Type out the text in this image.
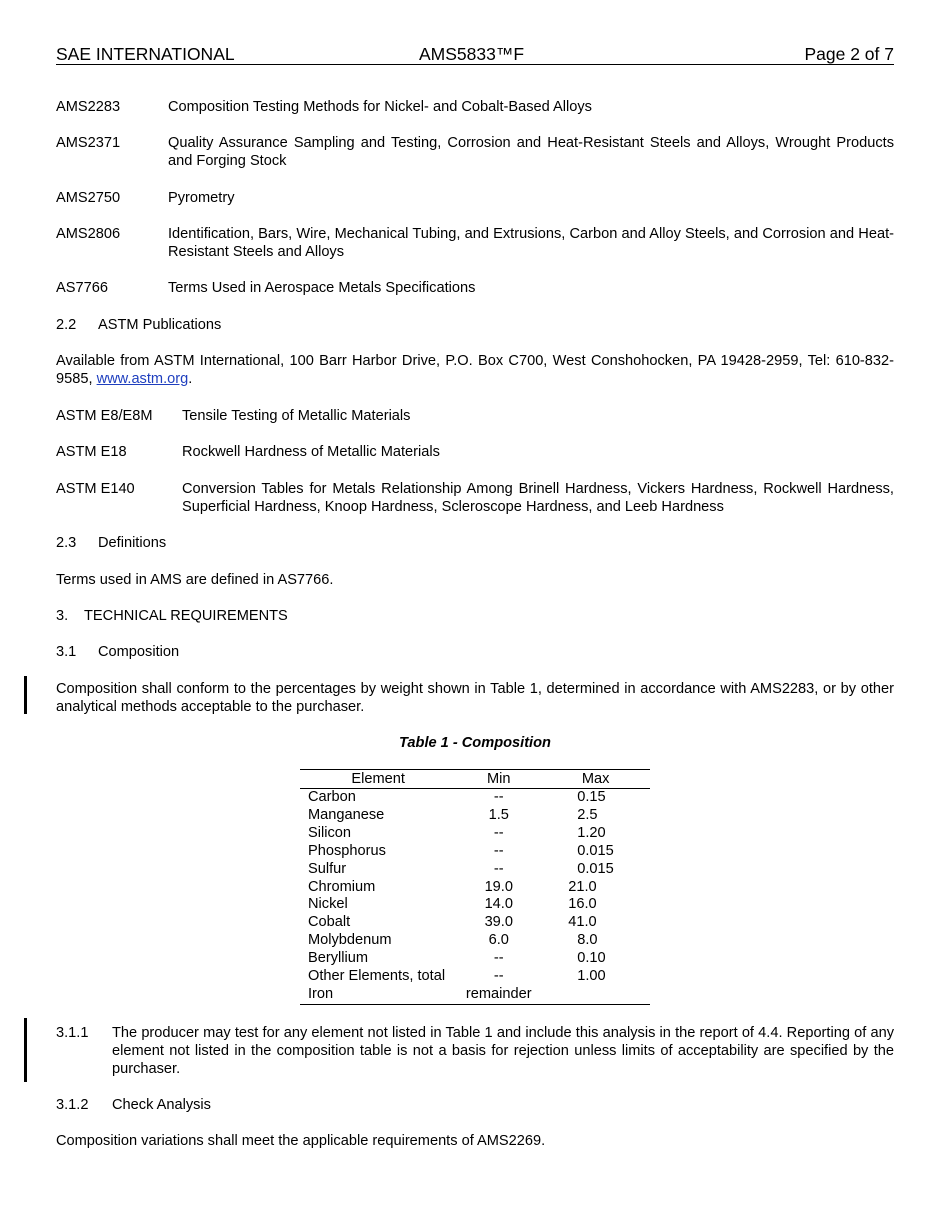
SAE INTERNATIONAL	AMS5833™F	Page 2 of 7
AMS2283	Composition Testing Methods for Nickel- and Cobalt-Based Alloys
AMS2371	Quality Assurance Sampling and Testing, Corrosion and Heat-Resistant Steels and Alloys, Wrought Products and Forging Stock
AMS2750	Pyrometry
AMS2806	Identification, Bars, Wire, Mechanical Tubing, and Extrusions, Carbon and Alloy Steels, and Corrosion and Heat-Resistant Steels and Alloys
AS7766	Terms Used in Aerospace Metals Specifications
2.2 ASTM Publications
Available from ASTM International, 100 Barr Harbor Drive, P.O. Box C700, West Conshohocken, PA 19428-2959, Tel: 610-832-9585, www.astm.org.
ASTM E8/E8M	Tensile Testing of Metallic Materials
ASTM E18	Rockwell Hardness of Metallic Materials
ASTM E140	Conversion Tables for Metals Relationship Among Brinell Hardness, Vickers Hardness, Rockwell Hardness, Superficial Hardness, Knoop Hardness, Scleroscope Hardness, and Leeb Hardness
2.3 Definitions
Terms used in AMS are defined in AS7766.
3. TECHNICAL REQUIREMENTS
3.1 Composition
Composition shall conform to the percentages by weight shown in Table 1, determined in accordance with AMS2283, or by other analytical methods acceptable to the purchaser.
Table 1 - Composition
Element	Min	Max
Carbon	--	0.15
Manganese	1.5	2.5
Silicon	--	1.20
Phosphorus	--	0.015
Sulfur	--	0.015
Chromium	19.0	21.0
Nickel	14.0	16.0
Cobalt	39.0	41.0
Molybdenum	6.0	8.0
Beryllium	--	0.10
Other Elements, total	--	1.00
Iron	remainder	
3.1.1	The producer may test for any element not listed in Table 1 and include this analysis in the report of 4.4. Reporting of any element not listed in the composition table is not a basis for rejection unless limits of acceptability are specified by the purchaser.
3.1.2 Check Analysis
Composition variations shall meet the applicable requirements of AMS2269.
